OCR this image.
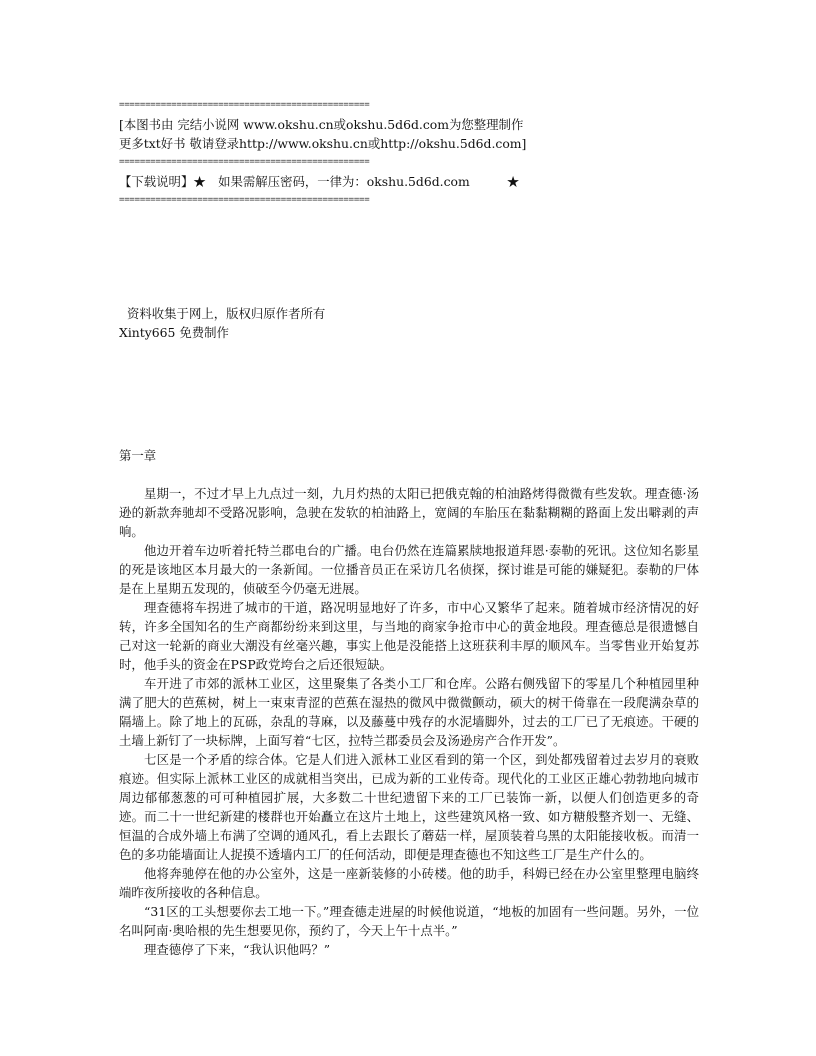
================================================
[本图书由 完结小说网 www.okshu.cn或okshu.5d6d.com为您整理制作
更多txt好书 敬请登录http://www.okshu.cn或http://okshu.5d6d.com]
================================================
【下载说明】★　如果需解压密码，一律为：okshu.5d6d.com　　　★
================================================
资料收集于网上，版权归原作者所有
Xinty665 免费制作

第一章

星期一，不过才早上九点过一刻，九月灼热的太阳已把俄克翰的柏油路烤得微微有些发软。理查德·汤逊的新款奔驰却不受路况影响，急驶在发软的柏油路上，宽阔的车胎压在黏黏糊糊的路面上发出噼剥的声响。

他边开着车边听着托特兰郡电台的广播。电台仍然在连篇累牍地报道拜恩·泰勒的死讯。这位知名影星的死是该地区本月最大的一条新闻。一位播音员正在采访几名侦探，探讨谁是可能的嫌疑犯。泰勒的尸体是在上星期五发现的，侦破至今仍毫无进展。

理查德将车拐进了城市的干道，路况明显地好了许多，市中心又繁华了起来。随着城市经济情况的好转，许多全国知名的生产商都纷纷来到这里，与当地的商家争抢市中心的黄金地段。理查德总是很遗憾自己对这一轮新的商业大潮没有丝毫兴趣，事实上他是没能搭上这班获利丰厚的顺风车。当零售业开始复苏时，他手头的资金在PSP政党垮台之后还很短缺。

车开进了市郊的派林工业区，这里聚集了各类小工厂和仓库。公路右侧残留下的零星几个种植园里种满了肥大的芭蕉树，树上一束束青涩的芭蕉在湿热的微风中微微颤动，硕大的树干倚靠在一段爬满杂草的隔墙上。除了地上的瓦砾，杂乱的荨麻，以及藤蔓中残存的水泥墙脚外，过去的工厂已了无痕迹。干硬的土墙上新钉了一块标牌，上面写着“七区，拉特兰郡委员会及汤逊房产合作开发”。

七区是一个矛盾的综合体。它是人们进入派林工业区看到的第一个区，到处都残留着过去岁月的衰败痕迹。但实际上派林工业区的成就相当突出，已成为新的工业传奇。现代化的工业区正雄心勃勃地向城市周边郁郁葱葱的可可种植园扩展，大多数二十世纪遗留下来的工厂已装饰一新，以便人们创造更多的奇迹。而二十一世纪新建的楼群也开始矗立在这片土地上，这些建筑风格一致、如方糖般整齐划一、无缝、恒温的合成外墙上布满了空调的通风孔，看上去跟长了蘑菇一样，屋顶装着乌黑的太阳能接收板。而清一色的多功能墙面让人捉摸不透墙内工厂的任何活动，即便是理查德也不知这些工厂是生产什么的。

他将奔驰停在他的办公室外，这是一座新装修的小砖楼。他的助手，科姆已经在办公室里整理电脑终端昨夜所接收的各种信息。

“31区的工头想要你去工地一下。”理查德走进屋的时候他说道，“地板的加固有一些问题。另外，一位名叫阿南·奥哈根的先生想要见你，预约了，今天上午十点半。”

理查德停了下来，“我认识他吗？”
